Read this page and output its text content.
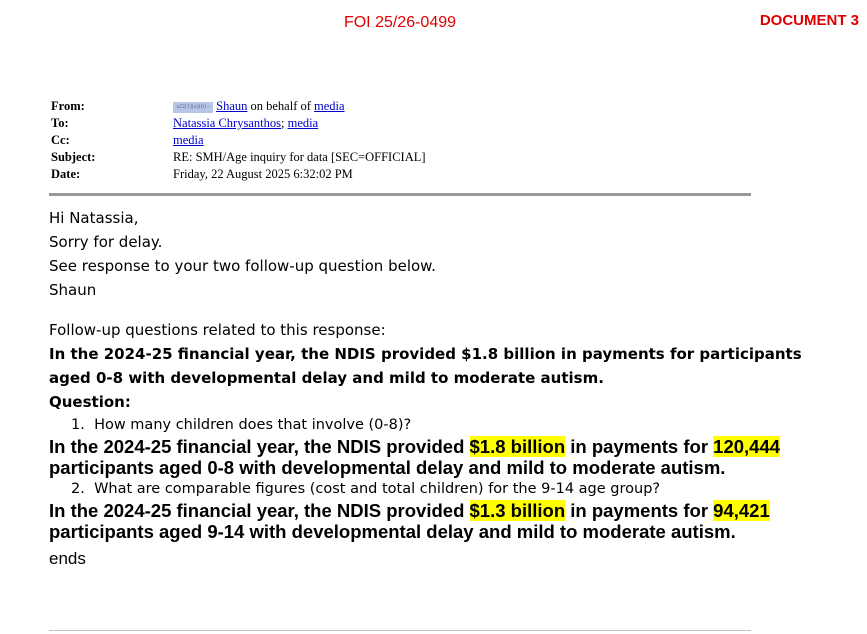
FOI 25/26-0499	DOCUMENT 3
From:	s22(1)(a)(ii) - Shaun on behalf of media
To:	Natassia Chrysanthos; media
Cc:	media
Subject:	RE: SMH/Age inquiry for data [SEC=OFFICIAL]
Date:	Friday, 22 August 2025 6:32:02 PM

Hi Natassia,

Sorry for delay.

See response to your two follow-up question below.

Shaun

Follow-up questions related to this response:
In the 2024-25 financial year, the NDIS provided $1.8 billion in payments for participants aged 0-8 with developmental delay and mild to moderate autism.
Question:
1. How many children does that involve (0-8)?
In the 2024-25 financial year, the NDIS provided $1.8 billion in payments for 120,444 participants aged 0-8 with developmental delay and mild to moderate autism.
2. What are comparable figures (cost and total children) for the 9-14 age group?
In the 2024-25 financial year, the NDIS provided $1.3 billion in payments for 94,421 participants aged 9-14 with developmental delay and mild to moderate autism.
ends
